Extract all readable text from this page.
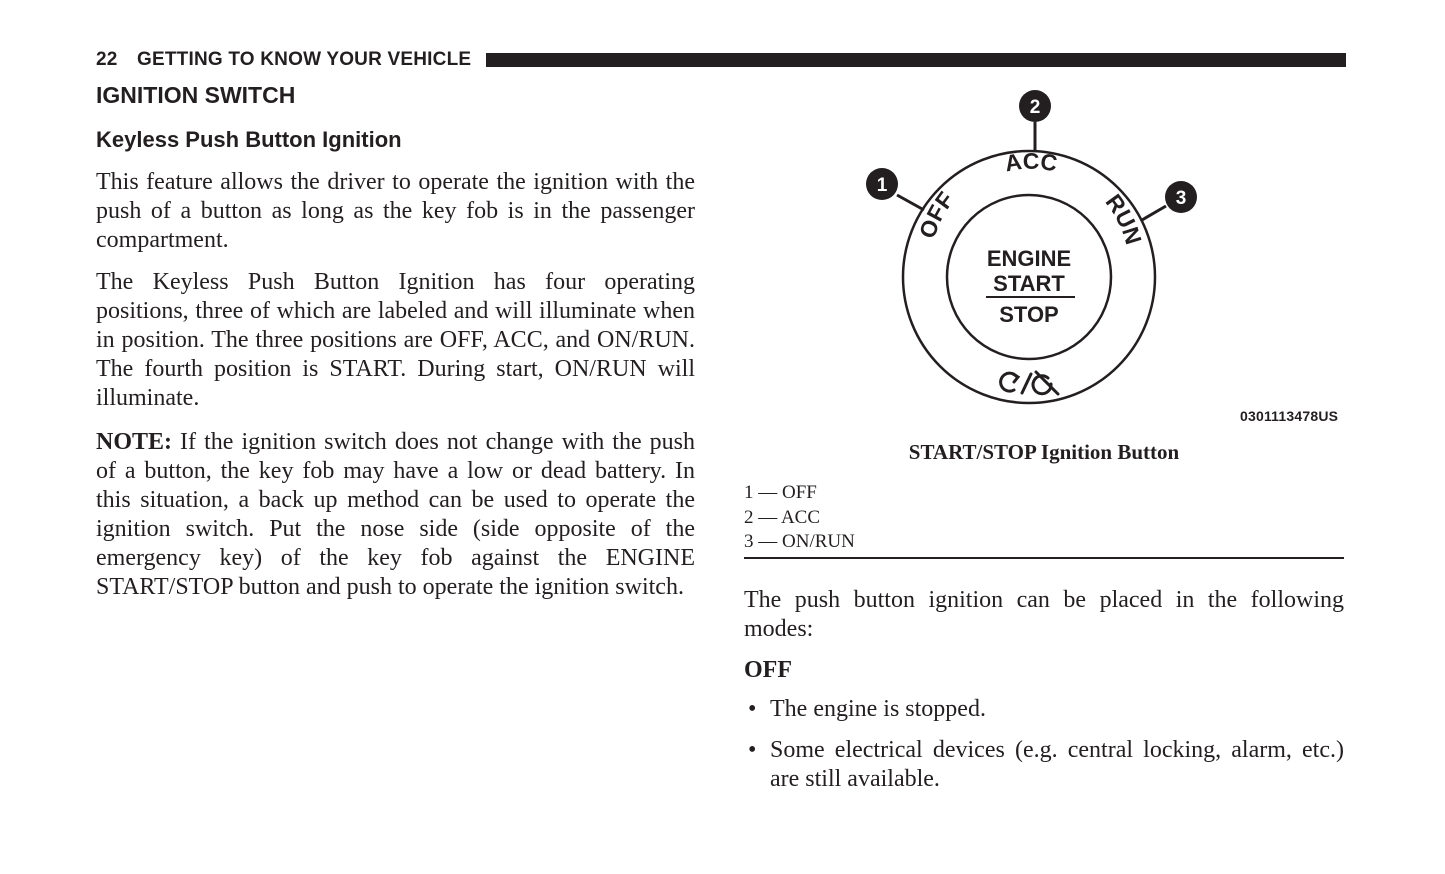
22 GETTING TO KNOW YOUR VEHICLE
IGNITION SWITCH
Keyless Push Button Ignition

This feature allows the driver to operate the ignition with the push of a button as long as the key fob is in the passenger compartment.

The Keyless Push Button Ignition has four operating positions, three of which are labeled and will illuminate when in position. The three positions are OFF, ACC, and ON/RUN. The fourth position is START. During start, ON/RUN will illuminate.

NOTE: If the ignition switch does not change with the push of a button, the key fob may have a low or dead battery. In this situation, a back up method can be used to operate the ignition switch. Put the nose side (side opposite of the emergency key) of the key fob against the ENGINE START/STOP button and push to operate the ignition switch.

1
2
3
OFF
ACC
RUN
ENGINE
START
STOP
0301113478US
START/STOP Ignition Button
1 — OFF
2 — ACC
3 — ON/RUN

The push button ignition can be placed in the following modes:

OFF
• The engine is stopped.
• Some electrical devices (e.g. central locking, alarm, etc.) are still available.
